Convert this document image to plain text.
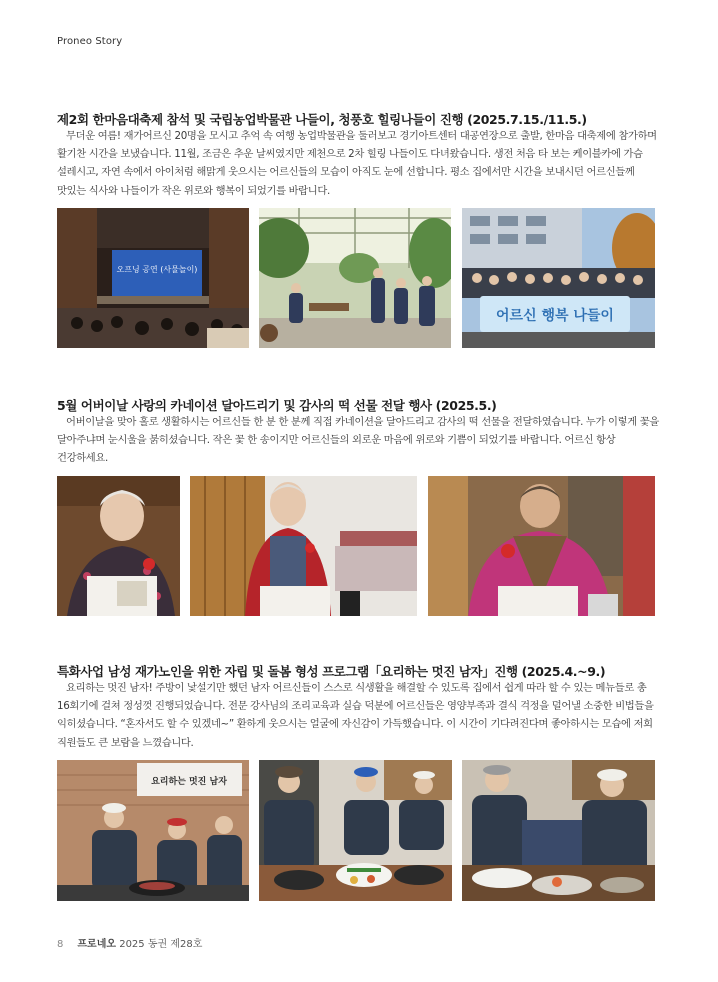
Proneo Story
제2회 한마음대축제 참석 및 국립농업박물관 나들이, 청풍호 힐링나들이 진행 (2025.7.15./11.5.)
무더운 여름! 재가어르신 20명을 모시고 추억 속 여행 농업박물관을 둘러보고 경기아트센터 대공연장으로 출발, 한마음 대축제에 참가하며 활기찬 시간을 보냈습니다. 11월, 조금은 추운 날씨였지만 제천으로 2차 힐링 나들이도 다녀왔습니다. 생전 처음 타 보는 케이블카에 가슴 설레시고, 자연 속에서 아이처럼 해맑게 웃으시는 어르신들의 모습이 아직도 눈에 선합니다. 평소 집에서만 시간을 보내시던 어르신들께 맛있는 식사와 나들이가 작은 위로와 행복이 되었기를 바랍니다.
오프닝 공연 (사물놀이)
어르신 행복 나들이
5월 어버이날 사랑의 카네이션 달아드리기 및 감사의 떡 선물 전달 행사 (2025.5.)
어버이날을 맞아 홀로 생활하시는 어르신들 한 분 한 분께 직접 카네이션을 달아드리고 감사의 떡 선물을 전달하였습니다. 누가 이렇게 꽃을 달아주냐며 눈시울을 붉히셨습니다. 작은 꽃 한 송이지만 어르신들의 외로운 마음에 위로와 기쁨이 되었기를 바랍니다. 어르신 항상 건강하세요.
특화사업 남성 재가노인을 위한 자립 및 돌봄 형성 프로그램「요리하는 멋진 남자」진행 (2025.4.~9.)
요리하는 멋진 남자! 주방이 낯설기만 했던 남자 어르신들이 스스로 식생활을 해결할 수 있도록 집에서 쉽게 따라 할 수 있는 메뉴들로 총 16회기에 걸쳐 정성껏 진행되었습니다. 전문 강사님의 조리교육과 실습 덕분에 어르신들은 영양부족과 결식 걱정을 덜어낼 소중한 비법들을 익히셨습니다. “혼자서도 할 수 있겠네~” 환하게 웃으시는 얼굴에 자신감이 가득했습니다. 이 시간이 기다려진다며 좋아하시는 모습에 저희 직원들도 큰 보람을 느꼈습니다.
요리하는 멋진 남자
8 프로네오 2025 동권 제28호
